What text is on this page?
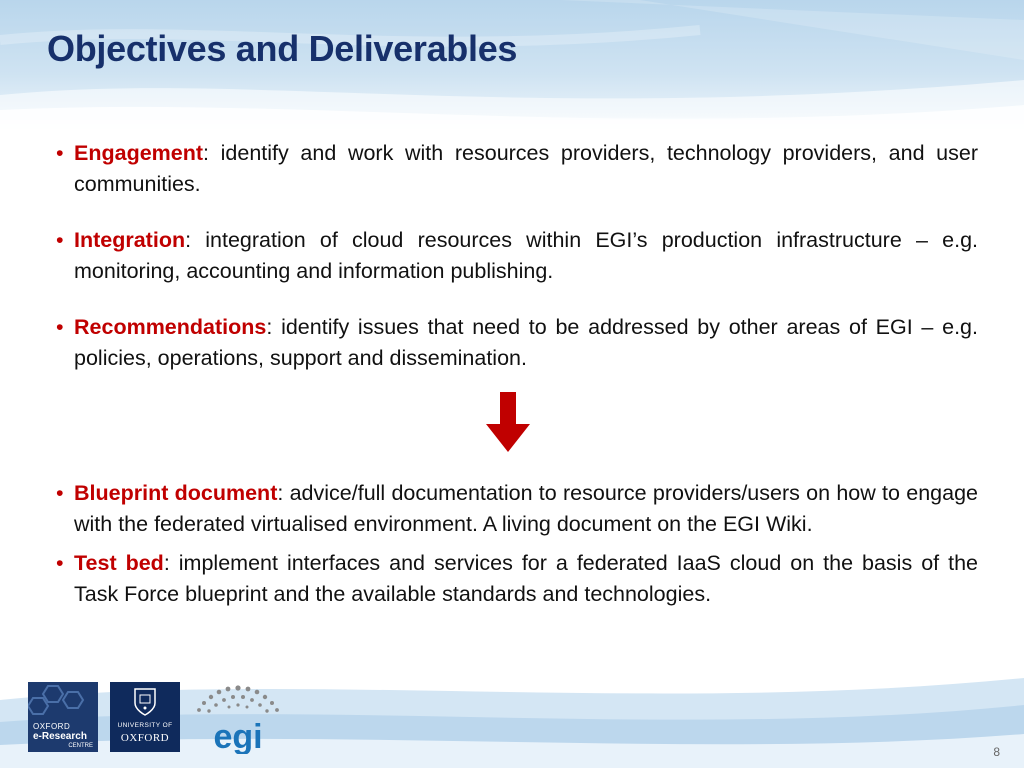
Objectives and Deliverables
• Engagement: identify and work with resources providers, technology providers, and user communities.
• Integration: integration of cloud resources within EGI’s production infrastructure – e.g. monitoring, accounting and information publishing.
• Recommendations: identify issues that need to be addressed by other areas of EGI – e.g. policies, operations, support and dissemination.
• Blueprint document: advice/full documentation to resource providers/users on how to engage with the federated virtualised environment. A living document on the EGI Wiki.
• Test bed: implement interfaces and services for a federated IaaS cloud on the basis of the Task Force blueprint and the available standards and technologies.
OXFORD
e-Research
CENTRE
UNIVERSITY OF
OXFORD	egi	8
